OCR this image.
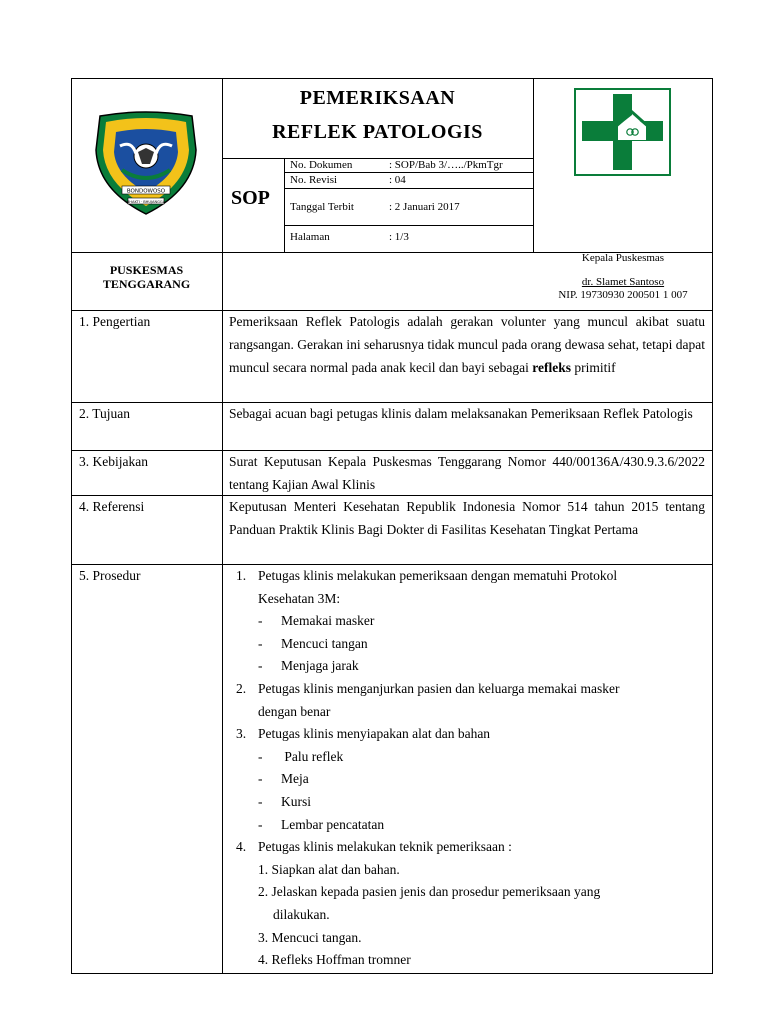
BONDOWOSO
BHAKTI · BHUJANGGA
PEMERIKSAAN
REFLEK PATOLOGIS
SOP
No. Dokumen	: SOP/Bab 3/…../PkmTgr
No. Revisi	: 04
Tanggal Terbit	: 2 Januari 2017
Halaman	: 1/3
PUSKESMAS
TENGGARANG
Kepala Puskesmas
dr. Slamet Santoso
NIP. 19730930 200501 1 007
1. Pengertian	Pemeriksaan Reflek Patologis adalah gerakan volunter yang muncul akibat suatu rangsangan. Gerakan ini seharusnya tidak muncul pada orang dewasa sehat, tetapi dapat muncul secara normal pada anak kecil dan bayi sebagai refleks primitif
2. Tujuan	Sebagai acuan bagi petugas klinis dalam melaksanakan Pemeriksaan Reflek Patologis
3. Kebijakan	Surat Keputusan Kepala Puskesmas Tenggarang Nomor 440/00136A/430.9.3.6/2022 tentang Kajian Awal Klinis
4. Referensi	Keputusan Menteri Kesehatan Republik Indonesia Nomor 514 tahun 2015 tentang Panduan Praktik Klinis Bagi Dokter di Fasilitas Kesehatan Tingkat Pertama
5. Prosedur	1. Petugas klinis melakukan pemeriksaan dengan mematuhi Protokol
Kesehatan 3M:
- Memakai masker
- Mencuci tangan
- Menjaga jarak
2. Petugas klinis menganjurkan pasien dan keluarga memakai masker
dengan benar
3. Petugas klinis menyiapakan alat dan bahan
- Palu reflek
- Meja
- Kursi
- Lembar pencatatan
4. Petugas klinis melakukan teknik pemeriksaan :
1. Siapkan alat dan bahan.
2. Jelaskan kepada pasien jenis dan prosedur pemeriksaan yang
dilakukan.
3. Mencuci tangan.
4. Refleks Hoffman tromner
